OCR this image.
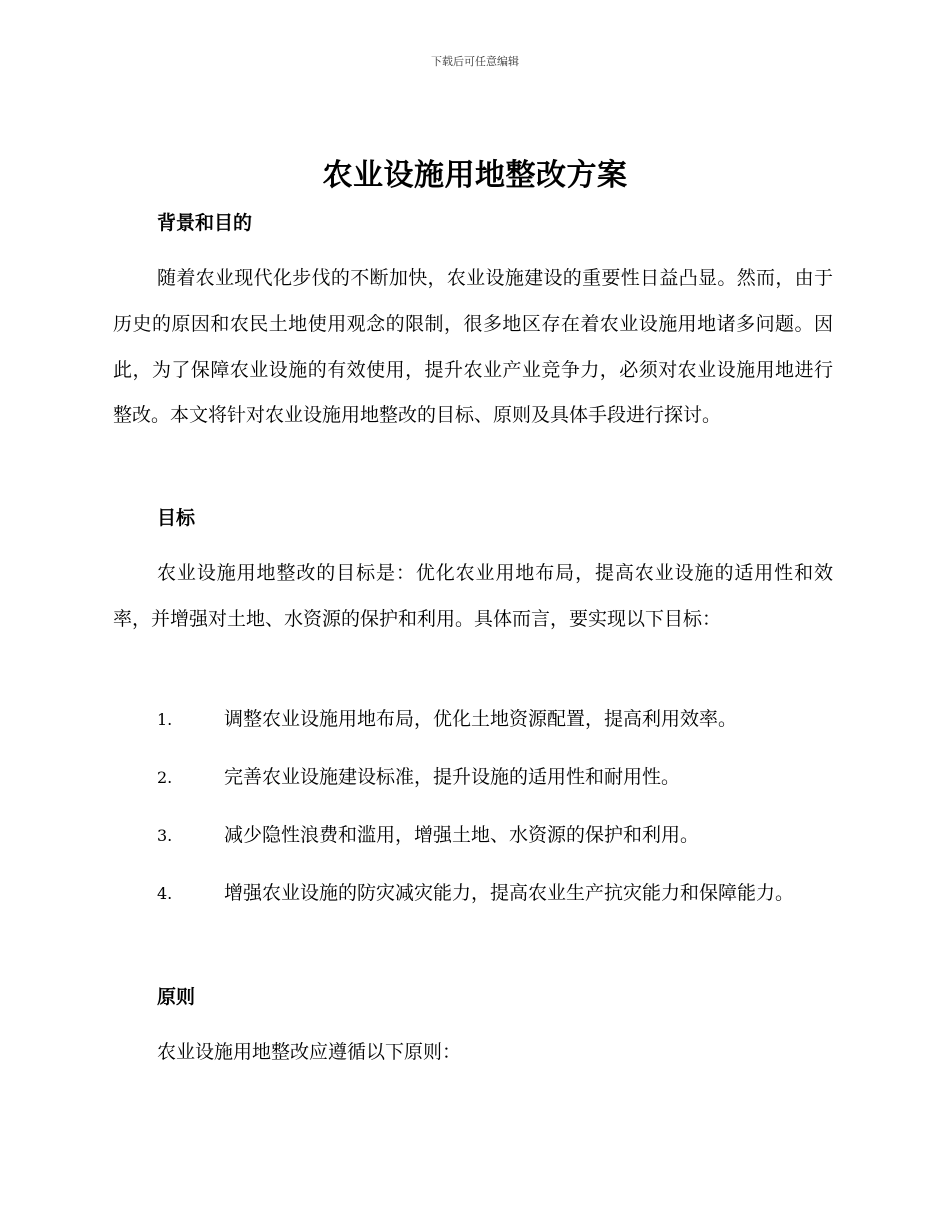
下载后可任意编辑
农业设施用地整改方案
背景和目的

随着农业现代化步伐的不断加快，农业设施建设的重要性日益凸显。然而，由于历史的原因和农民土地使用观念的限制，很多地区存在着农业设施用地诸多问题。因此，为了保障农业设施的有效使用，提升农业产业竞争力，必须对农业设施用地进行整改。本文将针对农业设施用地整改的目标、原则及具体手段进行探讨。

目标

农业设施用地整改的目标是：优化农业用地布局，提高农业设施的适用性和效率，并增强对土地、水资源的保护和利用。具体而言，要实现以下目标：

1.	调整农业设施用地布局，优化土地资源配置，提高利用效率。
2.	完善农业设施建设标准，提升设施的适用性和耐用性。
3.	减少隐性浪费和滥用，增强土地、水资源的保护和利用。
4.	增强农业设施的防灾减灾能力，提高农业生产抗灾能力和保障能力。
原则

农业设施用地整改应遵循以下原则：
